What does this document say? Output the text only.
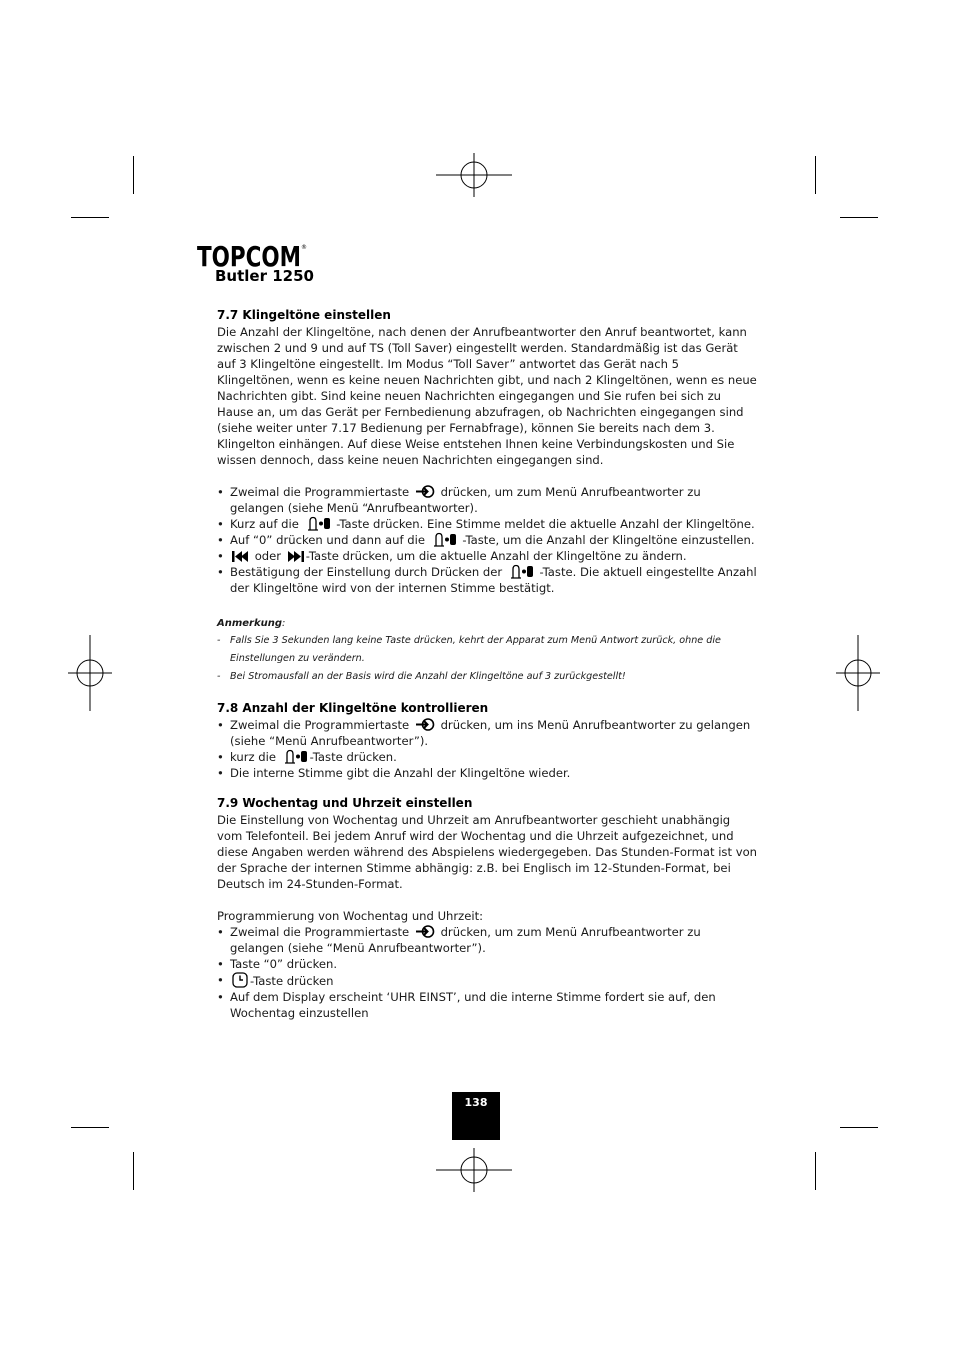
TOPCOM ®
Butler 1250
7.7 Klingeltöne einstellen

Die Anzahl der Klingeltöne, nach denen der Anrufbeantworter den Anruf beantwortet, kann zwischen 2 und 9 und auf TS (Toll Saver) eingestellt werden. Standardmäßig ist das Gerät auf 3 Klingeltöne eingestellt. Im Modus “Toll Saver” antwortet das Gerät nach 5 Klingeltönen, wenn es keine neuen Nachrichten gibt, und nach 2 Klingeltönen, wenn es neue Nachrichten gibt. Sind keine neuen Nachrichten eingegangen und Sie rufen bei sich zu Hause an, um das Gerät per Fernbedienung abzufragen, ob Nachrichten eingegangen sind (siehe weiter unter 7.17 Bedienung per Fernabfrage), können Sie bereits nach dem 3. Klingelton einhängen. Auf diese Weise entstehen Ihnen keine Verbindungskosten und Sie wissen dennoch, dass keine neuen Nachrichten eingegangen sind.

• Zweimal die Programmiertaste	drücken, um zum Menü Anrufbeantworter zu gelangen (siehe Menü “Anrufbeantworter).
• Kurz auf die	-Taste drücken. Eine Stimme meldet die aktuelle Anzahl der Klingeltöne.
• Auf “0” drücken und dann auf die	-Taste, um die Anzahl der Klingeltöne einzustellen.
•	oder -Taste drücken, um die aktuelle Anzahl der Klingeltöne zu ändern.
• Bestätigung der Einstellung durch Drücken der	-Taste. Die aktuell eingestellte Anzahl der Klingeltöne wird von der internen Stimme bestätigt.
Anmerkung:
- Falls Sie 3 Sekunden lang keine Taste drücken, kehrt der Apparat zum Menü Antwort zurück, ohne die Einstellungen zu verändern.
- Bei Stromausfall an der Basis wird die Anzahl der Klingeltöne auf 3 zurückgestellt!
7.8 Anzahl der Klingeltöne kontrollieren
• Zweimal die Programmiertaste	drücken, um ins Menü Anrufbeantworter zu gelangen (siehe “Menü Anrufbeantworter”).
• kurz die	-Taste drücken.
• Die interne Stimme gibt die Anzahl der Klingeltöne wieder.
7.9 Wochentag und Uhrzeit einstellen

Die Einstellung von Wochentag und Uhrzeit am Anrufbeantworter geschieht unabhängig vom Telefonteil. Bei jedem Anruf wird der Wochentag und die Uhrzeit aufgezeichnet, und diese Angaben werden während des Abspielens wiedergegeben. Das Stunden-Format ist von der Sprache der internen Stimme abhängig: z.B. bei Englisch im 12-Stunden-Format, bei Deutsch im 24-Stunden-Format.

Programmierung von Wochentag und Uhrzeit:

• Zweimal die Programmiertaste	drücken, um zum Menü Anrufbeantworter zu gelangen (siehe “Menü Anrufbeantworter”).
• Taste “0” drücken.
• -Taste drücken
• Auf dem Display erscheint ‘UHR EINST’, und die interne Stimme fordert sie auf, den Wochentag einzustellen
138
